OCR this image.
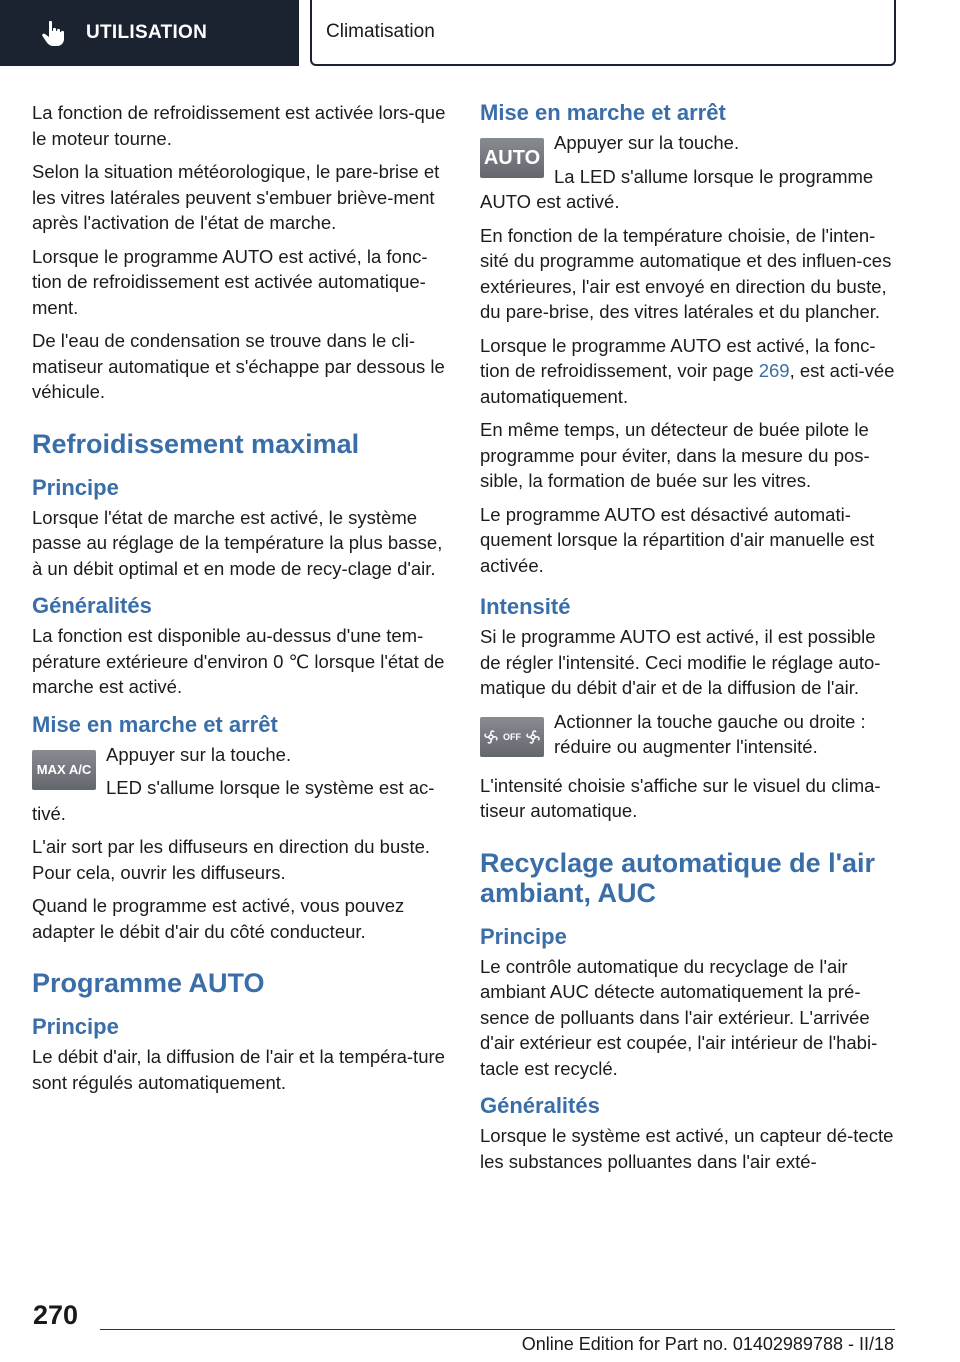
UTILISATION	Climatisation

La fonction de refroidissement est activée lors-que le moteur tourne.

Selon la situation météorologique, le pare-brise et les vitres latérales peuvent s'embuer briève-ment après l'activation de l'état de marche.

Lorsque le programme AUTO est activé, la fonc-tion de refroidissement est activée automatique-ment.

De l'eau de condensation se trouve dans le cli-matiseur automatique et s'échappe par dessous le véhicule.

Refroidissement maximal
Principe

Lorsque l'état de marche est activé, le système passe au réglage de la température la plus basse, à un débit optimal et en mode de recy-clage d'air.

Généralités

La fonction est disponible au-dessus d'une tem-pérature extérieure d'environ 0 ℃ lorsque l'état de marche est activé.

Mise en marche et arrêt
MAX A/C

Appuyer sur la touche.

LED s'allume lorsque le système est ac-tivé.

L'air sort par les diffuseurs en direction du buste. Pour cela, ouvrir les diffuseurs.

Quand le programme est activé, vous pouvez adapter le débit d'air du côté conducteur.

Programme AUTO
Principe

Le débit d'air, la diffusion de l'air et la tempéra-ture sont régulés automatiquement.

Mise en marche et arrêt
AUTO

Appuyer sur la touche.

La LED s'allume lorsque le programme AUTO est activé.

En fonction de la température choisie, de l'inten-sité du programme automatique et des influen-ces extérieures, l'air est envoyé en direction du buste, du pare-brise, des vitres latérales et du plancher.

Lorsque le programme AUTO est activé, la fonc-tion de refroidissement, voir page 269, est acti-vée automatiquement.

En même temps, un détecteur de buée pilote le programme pour éviter, dans la mesure du pos-sible, la formation de buée sur les vitres.

Le programme AUTO est désactivé automati-quement lorsque la répartition d'air manuelle est activée.

Intensité

Si le programme AUTO est activé, il est possible de régler l'intensité. Ceci modifie le réglage auto-matique du débit d'air et de la diffusion de l'air.

OFF

Actionner la touche gauche ou droite : réduire ou augmenter l'intensité.

L'intensité choisie s'affiche sur le visuel du clima-tiseur automatique.

Recyclage automatique de l'air ambiant, AUC
Principe

Le contrôle automatique du recyclage de l'air ambiant AUC détecte automatiquement la pré-sence de polluants dans l'air extérieur. L'arrivée d'air extérieur est coupée, l'air intérieur de l'habi-tacle est recyclé.

Généralités

Lorsque le système est activé, un capteur dé-tecte les substances polluantes dans l'air exté-

270
Online Edition for Part no. 01402989788 - II/18
